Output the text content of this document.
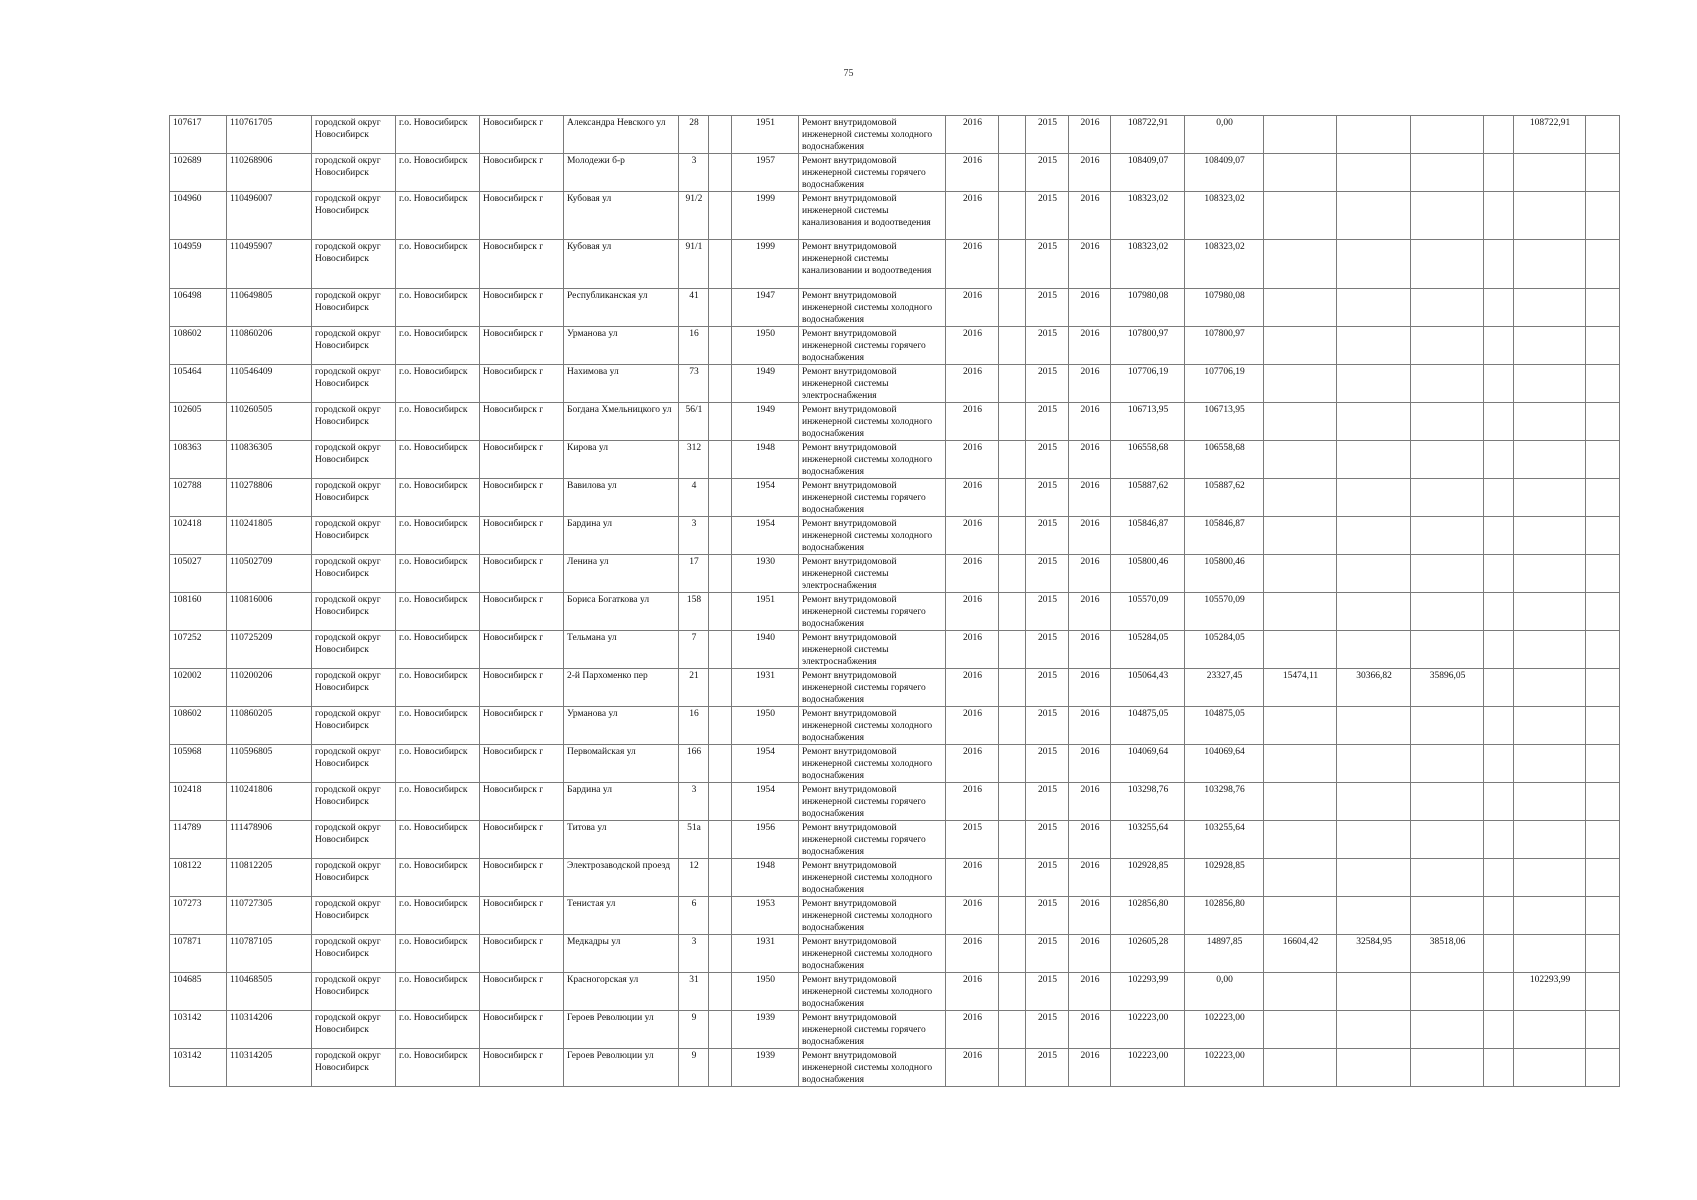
75
107617	110761705	городской округ Новосибирск	г.о. Новосибирск	Новосибирск г	Александра Невского ул	28		1951	Ремонт внутридомовой инженерной системы холодного водоснабжения	2016		2015	2016	108722,91	0,00					108722,91	
102689	110268906	городской округ Новосибирск	г.о. Новосибирск	Новосибирск г	Молодежи б-р	3		1957	Ремонт внутридомовой инженерной системы горячего водоснабжения	2016		2015	2016	108409,07	108409,07						
104960	110496007	городской округ Новосибирск	г.о. Новосибирск	Новосибирск г	Кубовая ул	91/2		1999	Ремонт внутридомовой инженерной системы канализования и водоотведения	2016		2015	2016	108323,02	108323,02						
104959	110495907	городской округ Новосибирск	г.о. Новосибирск	Новосибирск г	Кубовая ул	91/1		1999	Ремонт внутридомовой инженерной системы канализовании и водоотведения	2016		2015	2016	108323,02	108323,02						
106498	110649805	городской округ Новосибирск	г.о. Новосибирск	Новосибирск г	Республиканская ул	41		1947	Ремонт внутридомовой инженерной системы холодного водоснабжения	2016		2015	2016	107980,08	107980,08						
108602	110860206	городской округ Новосибирск	г.о. Новосибирск	Новосибирск г	Урманова ул	16		1950	Ремонт внутридомовой инженерной системы горячего водоснабжения	2016		2015	2016	107800,97	107800,97						
105464	110546409	городской округ Новосибирск	г.о. Новосибирск	Новосибирск г	Нахимова ул	73		1949	Ремонт внутридомовой инженерной системы электроснабжения	2016		2015	2016	107706,19	107706,19						
102605	110260505	городской округ Новосибирск	г.о. Новосибирск	Новосибирск г	Богдана Хмельницкого ул	56/1		1949	Ремонт внутридомовой инженерной системы холодного водоснабжения	2016		2015	2016	106713,95	106713,95						
108363	110836305	городской округ Новосибирск	г.о. Новосибирск	Новосибирск г	Кирова ул	312		1948	Ремонт внутридомовой инженерной системы холодного водоснабжения	2016		2015	2016	106558,68	106558,68						
102788	110278806	городской округ Новосибирск	г.о. Новосибирск	Новосибирск г	Вавилова ул	4		1954	Ремонт внутридомовой инженерной системы горячего водоснабжения	2016		2015	2016	105887,62	105887,62						
102418	110241805	городской округ Новосибирск	г.о. Новосибирск	Новосибирск г	Бардина ул	3		1954	Ремонт внутридомовой инженерной системы холодного водоснабжения	2016		2015	2016	105846,87	105846,87						
105027	110502709	городской округ Новосибирск	г.о. Новосибирск	Новосибирск г	Ленина ул	17		1930	Ремонт внутридомовой инженерной системы электроснабжения	2016		2015	2016	105800,46	105800,46						
108160	110816006	городской округ Новосибирск	г.о. Новосибирск	Новосибирск г	Бориса Богаткова ул	158		1951	Ремонт внутридомовой инженерной системы горячего водоснабжения	2016		2015	2016	105570,09	105570,09						
107252	110725209	городской округ Новосибирск	г.о. Новосибирск	Новосибирск г	Тельмана ул	7		1940	Ремонт внутридомовой инженерной системы электроснабжения	2016		2015	2016	105284,05	105284,05						
102002	110200206	городской округ Новосибирск	г.о. Новосибирск	Новосибирск г	2-й Пархоменко пер	21		1931	Ремонт внутридомовой инженерной системы горячего водоснабжения	2016		2015	2016	105064,43	23327,45	15474,11	30366,82	35896,05			
108602	110860205	городской округ Новосибирск	г.о. Новосибирск	Новосибирск г	Урманова ул	16		1950	Ремонт внутридомовой инженерной системы холодного водоснабжения	2016		2015	2016	104875,05	104875,05						
105968	110596805	городской округ Новосибирск	г.о. Новосибирск	Новосибирск г	Первомайская ул	166		1954	Ремонт внутридомовой инженерной системы холодного водоснабжения	2016		2015	2016	104069,64	104069,64						
102418	110241806	городской округ Новосибирск	г.о. Новосибирск	Новосибирск г	Бардина ул	3		1954	Ремонт внутридомовой инженерной системы горячего водоснабжения	2016		2015	2016	103298,76	103298,76						
114789	111478906	городской округ Новосибирск	г.о. Новосибирск	Новосибирск г	Титова ул	51а		1956	Ремонт внутридомовой инженерной системы горячего водоснабжения	2015		2015	2016	103255,64	103255,64						
108122	110812205	городской округ Новосибирск	г.о. Новосибирск	Новосибирск г	Электрозаводской проезд	12		1948	Ремонт внутридомовой инженерной системы холодного водоснабжения	2016		2015	2016	102928,85	102928,85						
107273	110727305	городской округ Новосибирск	г.о. Новосибирск	Новосибирск г	Тенистая ул	6		1953	Ремонт внутридомовой инженерной системы холодного водоснабжения	2016		2015	2016	102856,80	102856,80						
107871	110787105	городской округ Новосибирск	г.о. Новосибирск	Новосибирск г	Медкадры ул	3		1931	Ремонт внутридомовой инженерной системы холодного водоснабжения	2016		2015	2016	102605,28	14897,85	16604,42	32584,95	38518,06			
104685	110468505	городской округ Новосибирск	г.о. Новосибирск	Новосибирск г	Красногорская ул	31		1950	Ремонт внутридомовой инженерной системы холодного водоснабжения	2016		2015	2016	102293,99	0,00					102293,99	
103142	110314206	городской округ Новосибирск	г.о. Новосибирск	Новосибирск г	Героев Революции ул	9		1939	Ремонт внутридомовой инженерной системы горячего водоснабжения	2016		2015	2016	102223,00	102223,00						
103142	110314205	городской округ Новосибирск	г.о. Новосибирск	Новосибирск г	Героев Революции ул	9		1939	Ремонт внутридомовой инженерной системы холодного водоснабжения	2016		2015	2016	102223,00	102223,00						
